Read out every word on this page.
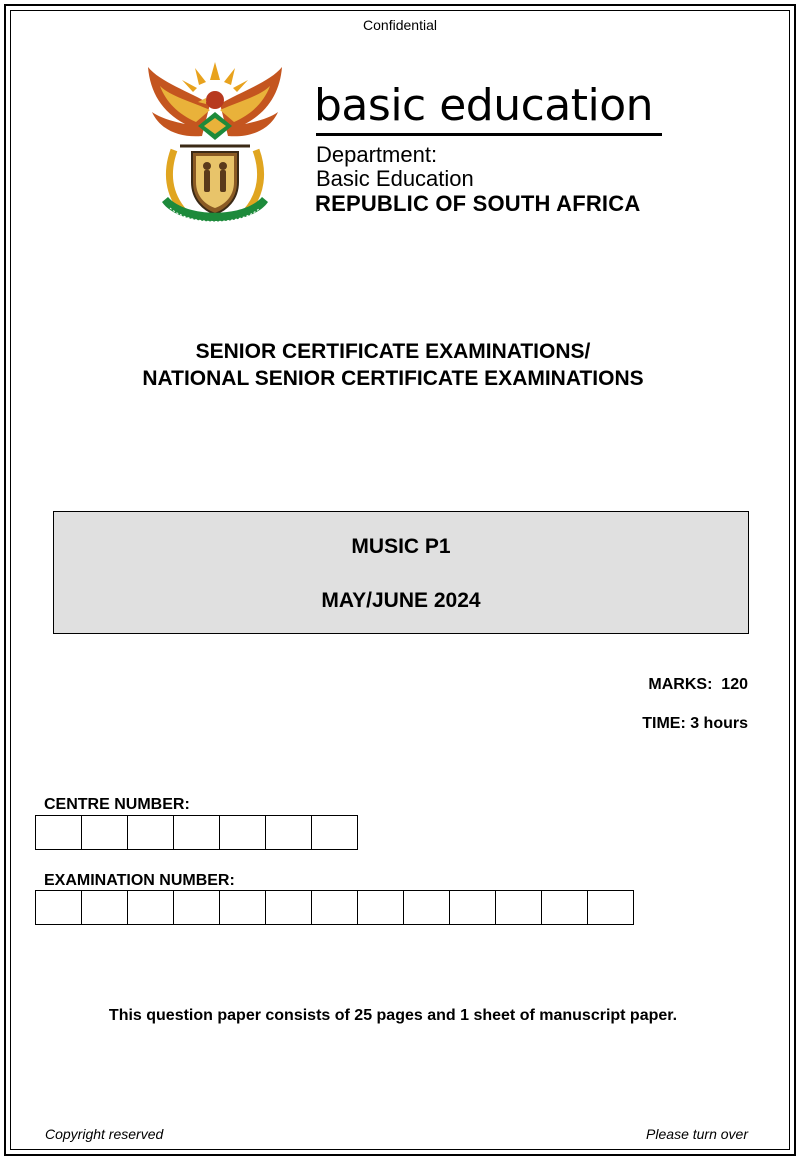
Confidential
basic education
Department:
Basic Education
REPUBLIC OF SOUTH AFRICA
SENIOR CERTIFICATE EXAMINATIONS/
NATIONAL SENIOR CERTIFICATE EXAMINATIONS
MUSIC P1
MAY/JUNE 2024
MARKS:  120
TIME: 3 hours
CENTRE NUMBER:
EXAMINATION NUMBER:
This question paper consists of 25 pages and 1 sheet of manuscript paper.
Copyright reserved	Please turn over
